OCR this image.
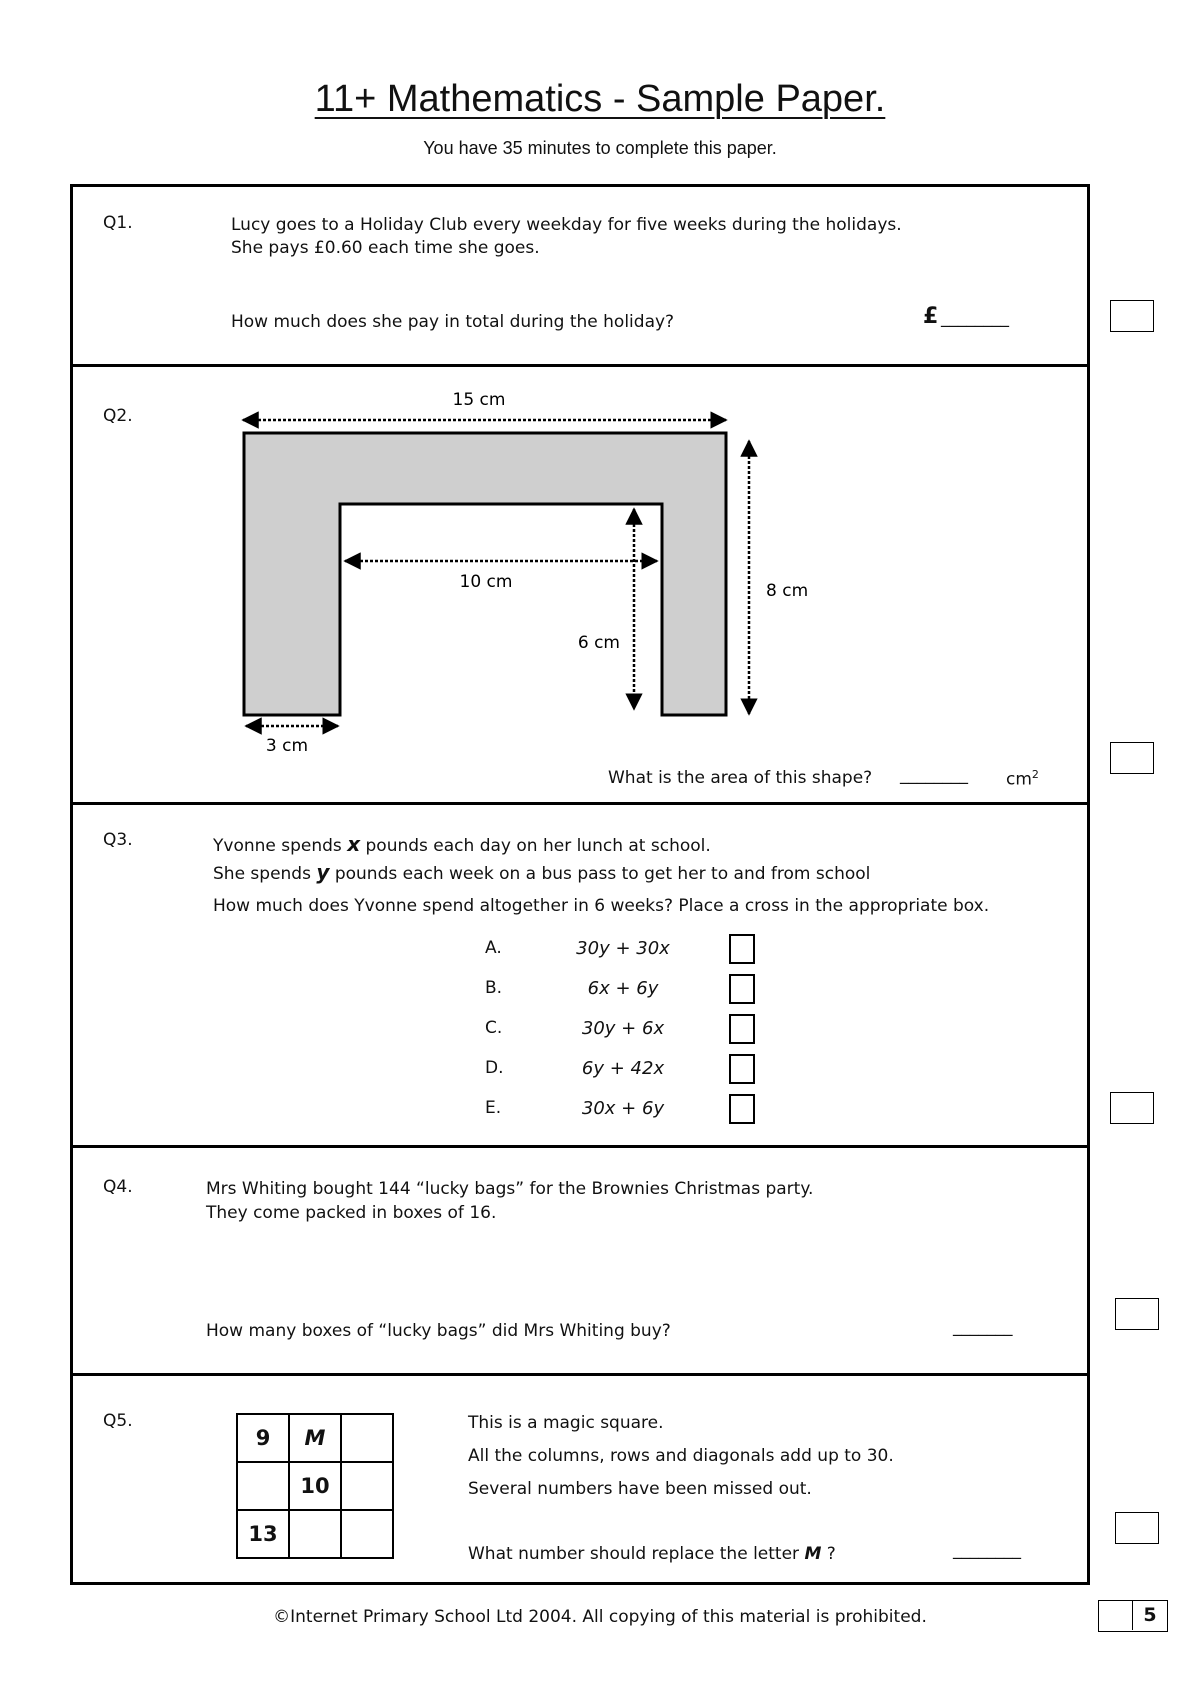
11+ Mathematics - Sample Paper.
You have 35 minutes to complete this paper.
Q1.	Lucy goes to a Holiday Club every weekday for five weeks during the holidays.
She pays £0.60 each time she goes.
How much does she pay in total during the holiday?	£ ________
Q2.
15 cm
10 cm	8 cm
6 cm
3 cm
What is the area of this shape? ________ $cm^2$
Q3.	Yvonne spends x pounds each day on her lunch at school.
She spends y pounds each week on a bus pass to get her to and from school
How much does Yvonne spend altogether in 6 weeks? Place a cross in the appropriate box.
A.	30y + 30x
B.	6x + 6y
C.	30y + 6x
D.	6y + 42x
E.	30x + 6y
Q4.	Mrs Whiting bought 144 “lucky bags” for the Brownies Christmas party.
They come packed in boxes of 16.
How many boxes of “lucky bags” did Mrs Whiting buy?	_______
Q5.
9	M	
	10	
13		
This is a magic square.
All the columns, rows and diagonals add up to 30.
Several numbers have been missed out.
What number should replace the letter M ?	________
©Internet Primary School Ltd 2004. All copying of this material is prohibited.	5
